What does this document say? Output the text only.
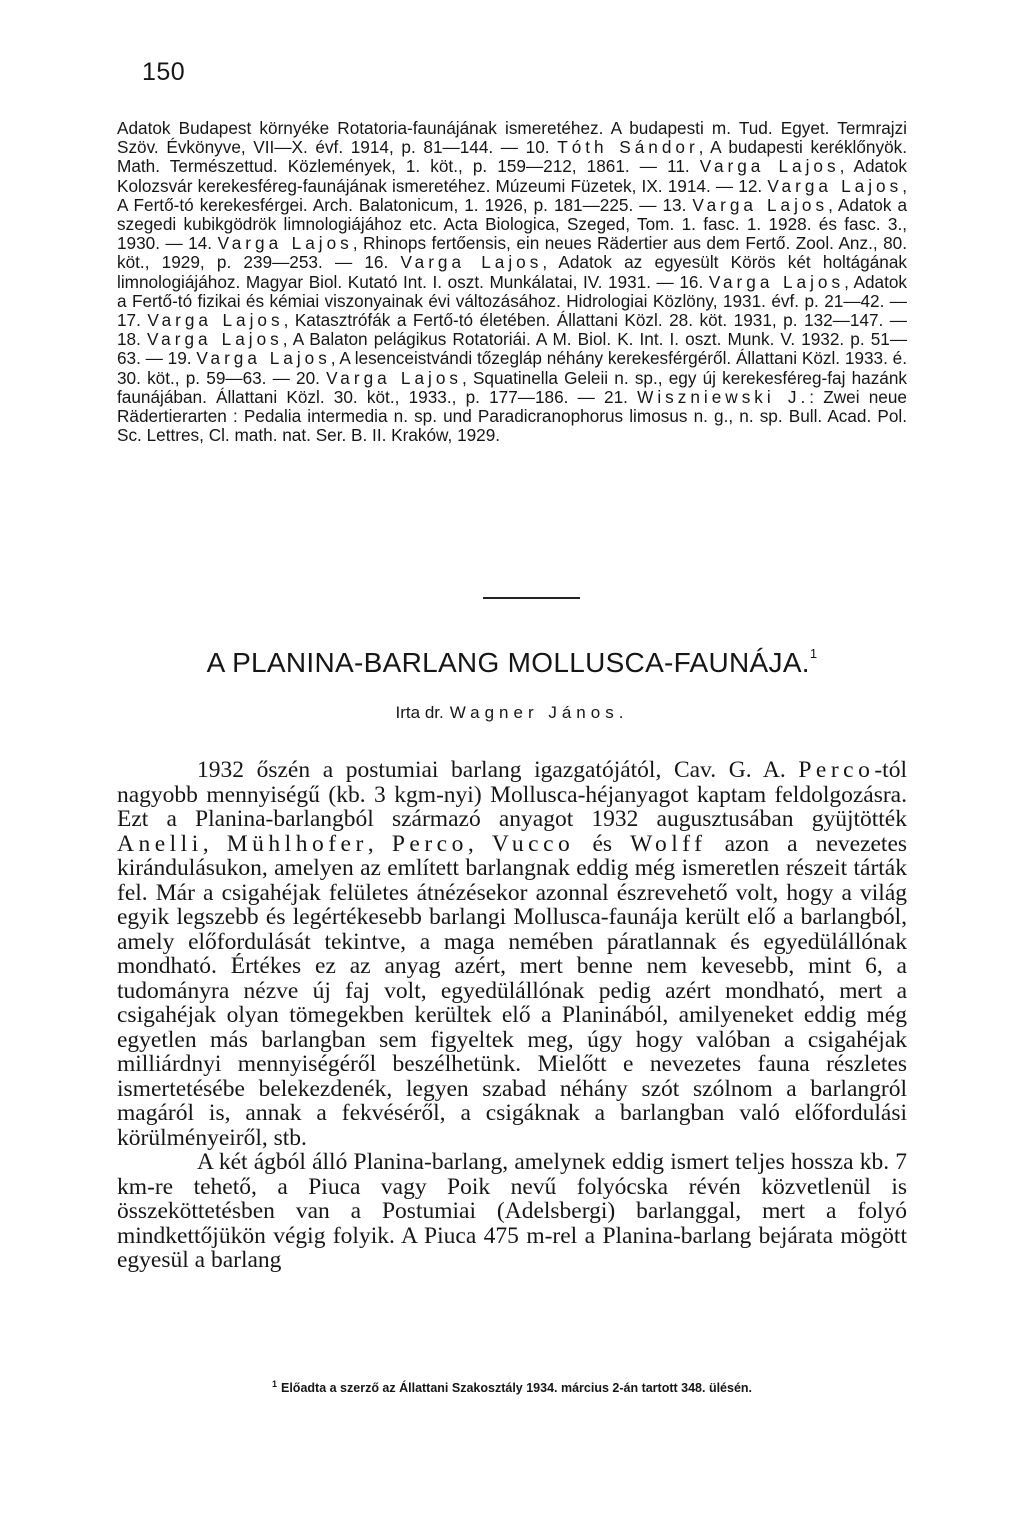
150

Adatok Budapest környéke Rotatoria-faunájának ismeretéhez. A budapesti m. Tud. Egyet. Termrajzi Szöv. Évkönyve, VII—X. évf. 1914, p. 81—144. — 10. Tóth Sándor, A budapesti keréklőnyök. Math. Természettud. Közlemények, 1. köt., p. 159—212, 1861. — 11. Varga Lajos, Adatok Kolozsvár kerekesféreg-faunájának ismeretéhez. Múzeumi Füzetek, IX. 1914. — 12. Varga Lajos, A Fertő-tó kerekesférgei. Arch. Balatonicum, 1. 1926, p. 181—225. — 13. Varga Lajos, Adatok a szegedi kubikgödrök limnologiájához etc. Acta Biologica, Szeged, Tom. 1. fasc. 1. 1928. és fasc. 3., 1930. — 14. Varga Lajos, Rhinops fertőensis, ein neues Rädertier aus dem Fertő. Zool. Anz., 80. köt., 1929, p. 239—253. — 16. Varga Lajos, Adatok az egyesült Körös két holtágának limnologiájához. Magyar Biol. Kutató Int. I. oszt. Munkálatai, IV. 1931. — 16. Varga Lajos, Adatok a Fertő-tó fizikai és kémiai viszonyainak évi változásához. Hidrologiai Közlöny, 1931. évf. p. 21—42. —17. Varga Lajos, Katasztrófák a Fertő-tó életében. Állattani Közl. 28. köt. 1931, p. 132—147. — 18. Varga Lajos, A Balaton pelágikus Rotatoriái. A M. Biol. K. Int. I. oszt. Munk. V. 1932. p. 51—63. — 19. Varga Lajos, A lesenceistvándi tőzegláp néhány kerekesférgéről. Állattani Közl. 1933. é. 30. köt., p. 59—63. — 20. Varga Lajos, Squatinella Geleii n. sp., egy új kerekesféreg-faj hazánk faunájában. Állattani Közl. 30. köt., 1933., p. 177—186. — 21. Wiszniewski J.: Zwei neue Rädertierarten : Pedalia intermedia n. sp. und Paradicranophorus limosus n. g., n. sp. Bull. Acad. Pol. Sc. Lettres, Cl. math. nat. Ser. B. II. Kraków, 1929.

A PLANINA-BARLANG MOLLUSCA-FAUNÁJA.$^1$
Irta dr. Wagner János.

1932 őszén a postumiai barlang igazgatójától, Cav. G. A. Perco-tól nagyobb mennyiségű (kb. 3 kgm-nyi) Mollusca-héjanyagot kaptam feldolgozásra. Ezt a Planina-barlangból származó anyagot 1932 augusztusában gyüjtötték Anelli, Mühlhofer, Perco, Vucco és Wolff azon a nevezetes kirándulásukon, amelyen az említett barlangnak eddig még ismeretlen részeit tárták fel. Már a csigahéjak felületes átnézésekor azonnal észrevehető volt, hogy a világ egyik legszebb és legértékesebb barlangi Mollusca-faunája került elő a barlangból, amely előfordulását tekintve, a maga nemében páratlannak és egyedülállónak mondható. Értékes ez az anyag azért, mert benne nem kevesebb, mint 6, a tudományra nézve új faj volt, egyedülállónak pedig azért mondható, mert a csigahéjak olyan tömegekben kerültek elő a Planinából, amilyeneket eddig még egyetlen más barlangban sem figyeltek meg, úgy hogy valóban a csigahéjak milliárdnyi mennyiségéről beszélhetünk. Mielőtt e nevezetes fauna részletes ismertetésébe belekezdenék, legyen szabad néhány szót szólnom a barlangról magáról is, annak a fekvéséről, a csigáknak a barlangban való előfordulási körülményeiről, stb.

A két ágból álló Planina-barlang, amelynek eddig ismert teljes hossza kb. 7 km-re tehető, a Piuca vagy Poik nevű folyócska révén közvetlenül is összeköttetésben van a Postumiai (Adelsbergi) barlanggal, mert a folyó mindkettőjükön végig folyik. A Piuca 475 m-rel a Planina-barlang bejárata mögött egyesül a barlang

$^1$ Előadta a szerző az Állattani Szakosztály 1934. március 2-án tartott 348. ülésén.
